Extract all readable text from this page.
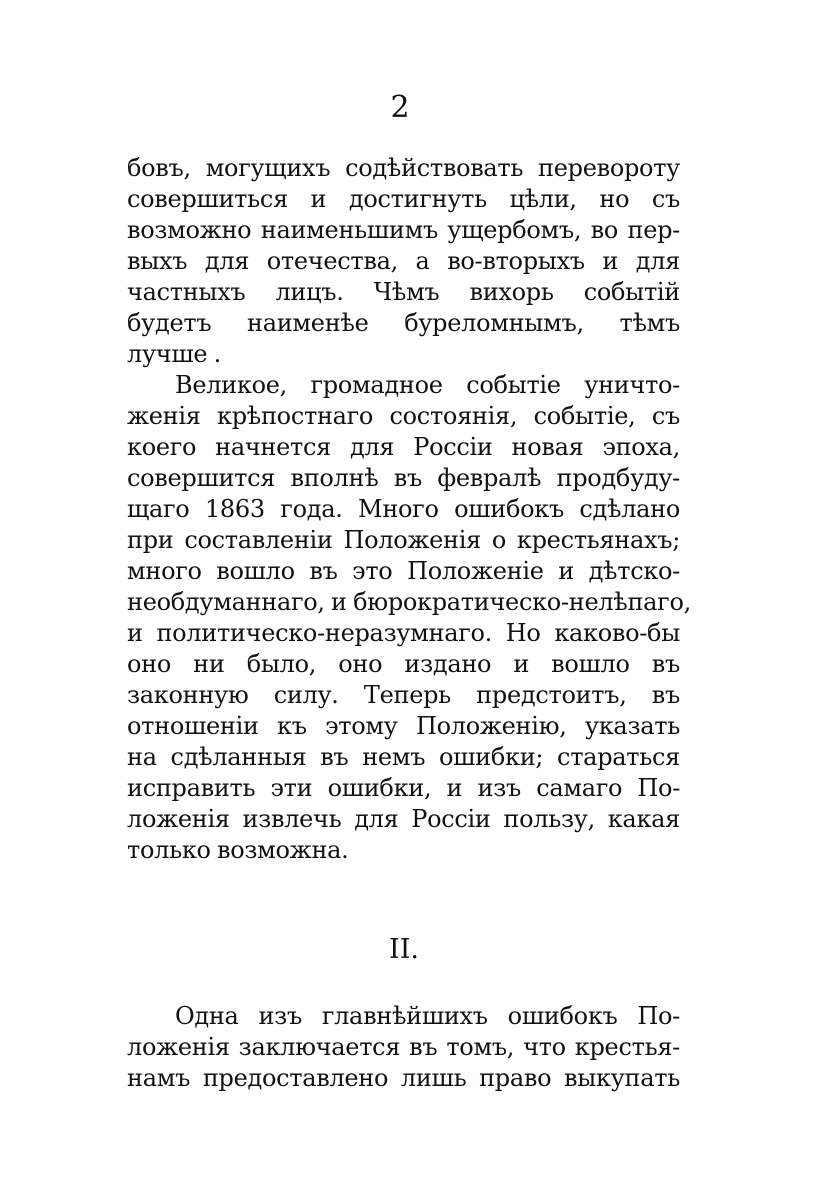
2
бовъ, могущихъ содѣйствовать перевороту
совершиться и достигнуть цѣли, но съ
возможно наименьшимъ ущербомъ, во пер-
выхъ для отечества, а во-вторыхъ и для
частныхъ лицъ. Чѣмъ вихорь событій
будетъ наименѣе буреломнымъ, тѣмъ
лучше .
Великое, громадное событіе уничто-
женія крѣпостнаго состоянія, событіе, съ
коего начнется для Россіи новая эпоха,
совершится вполнѣ въ февралѣ продбуду-
щаго 1863 года. Много ошибокъ сдѣлано
при составленіи Положенія о крестьянахъ;
много вошло въ это Положеніе и дѣтско-
необдуманнаго, и бюрократическо-нелѣпаго,
и политическо-неразумнаго. Но каково-бы
оно ни было, оно издано и вошло въ
законную силу. Теперь предстоитъ, въ
отношеніи къ этому Положенію, указать
на сдѣланныя въ немъ ошибки; стараться
исправить эти ошибки, и изъ самаго По-
ложенія извлечь для Россіи пользу, какая
только возможна.
II.
Одна изъ главнѣйшихъ ошибокъ По-
ложенія заключается въ томъ, что крестья-
намъ предоставлено лишь право выкупать
